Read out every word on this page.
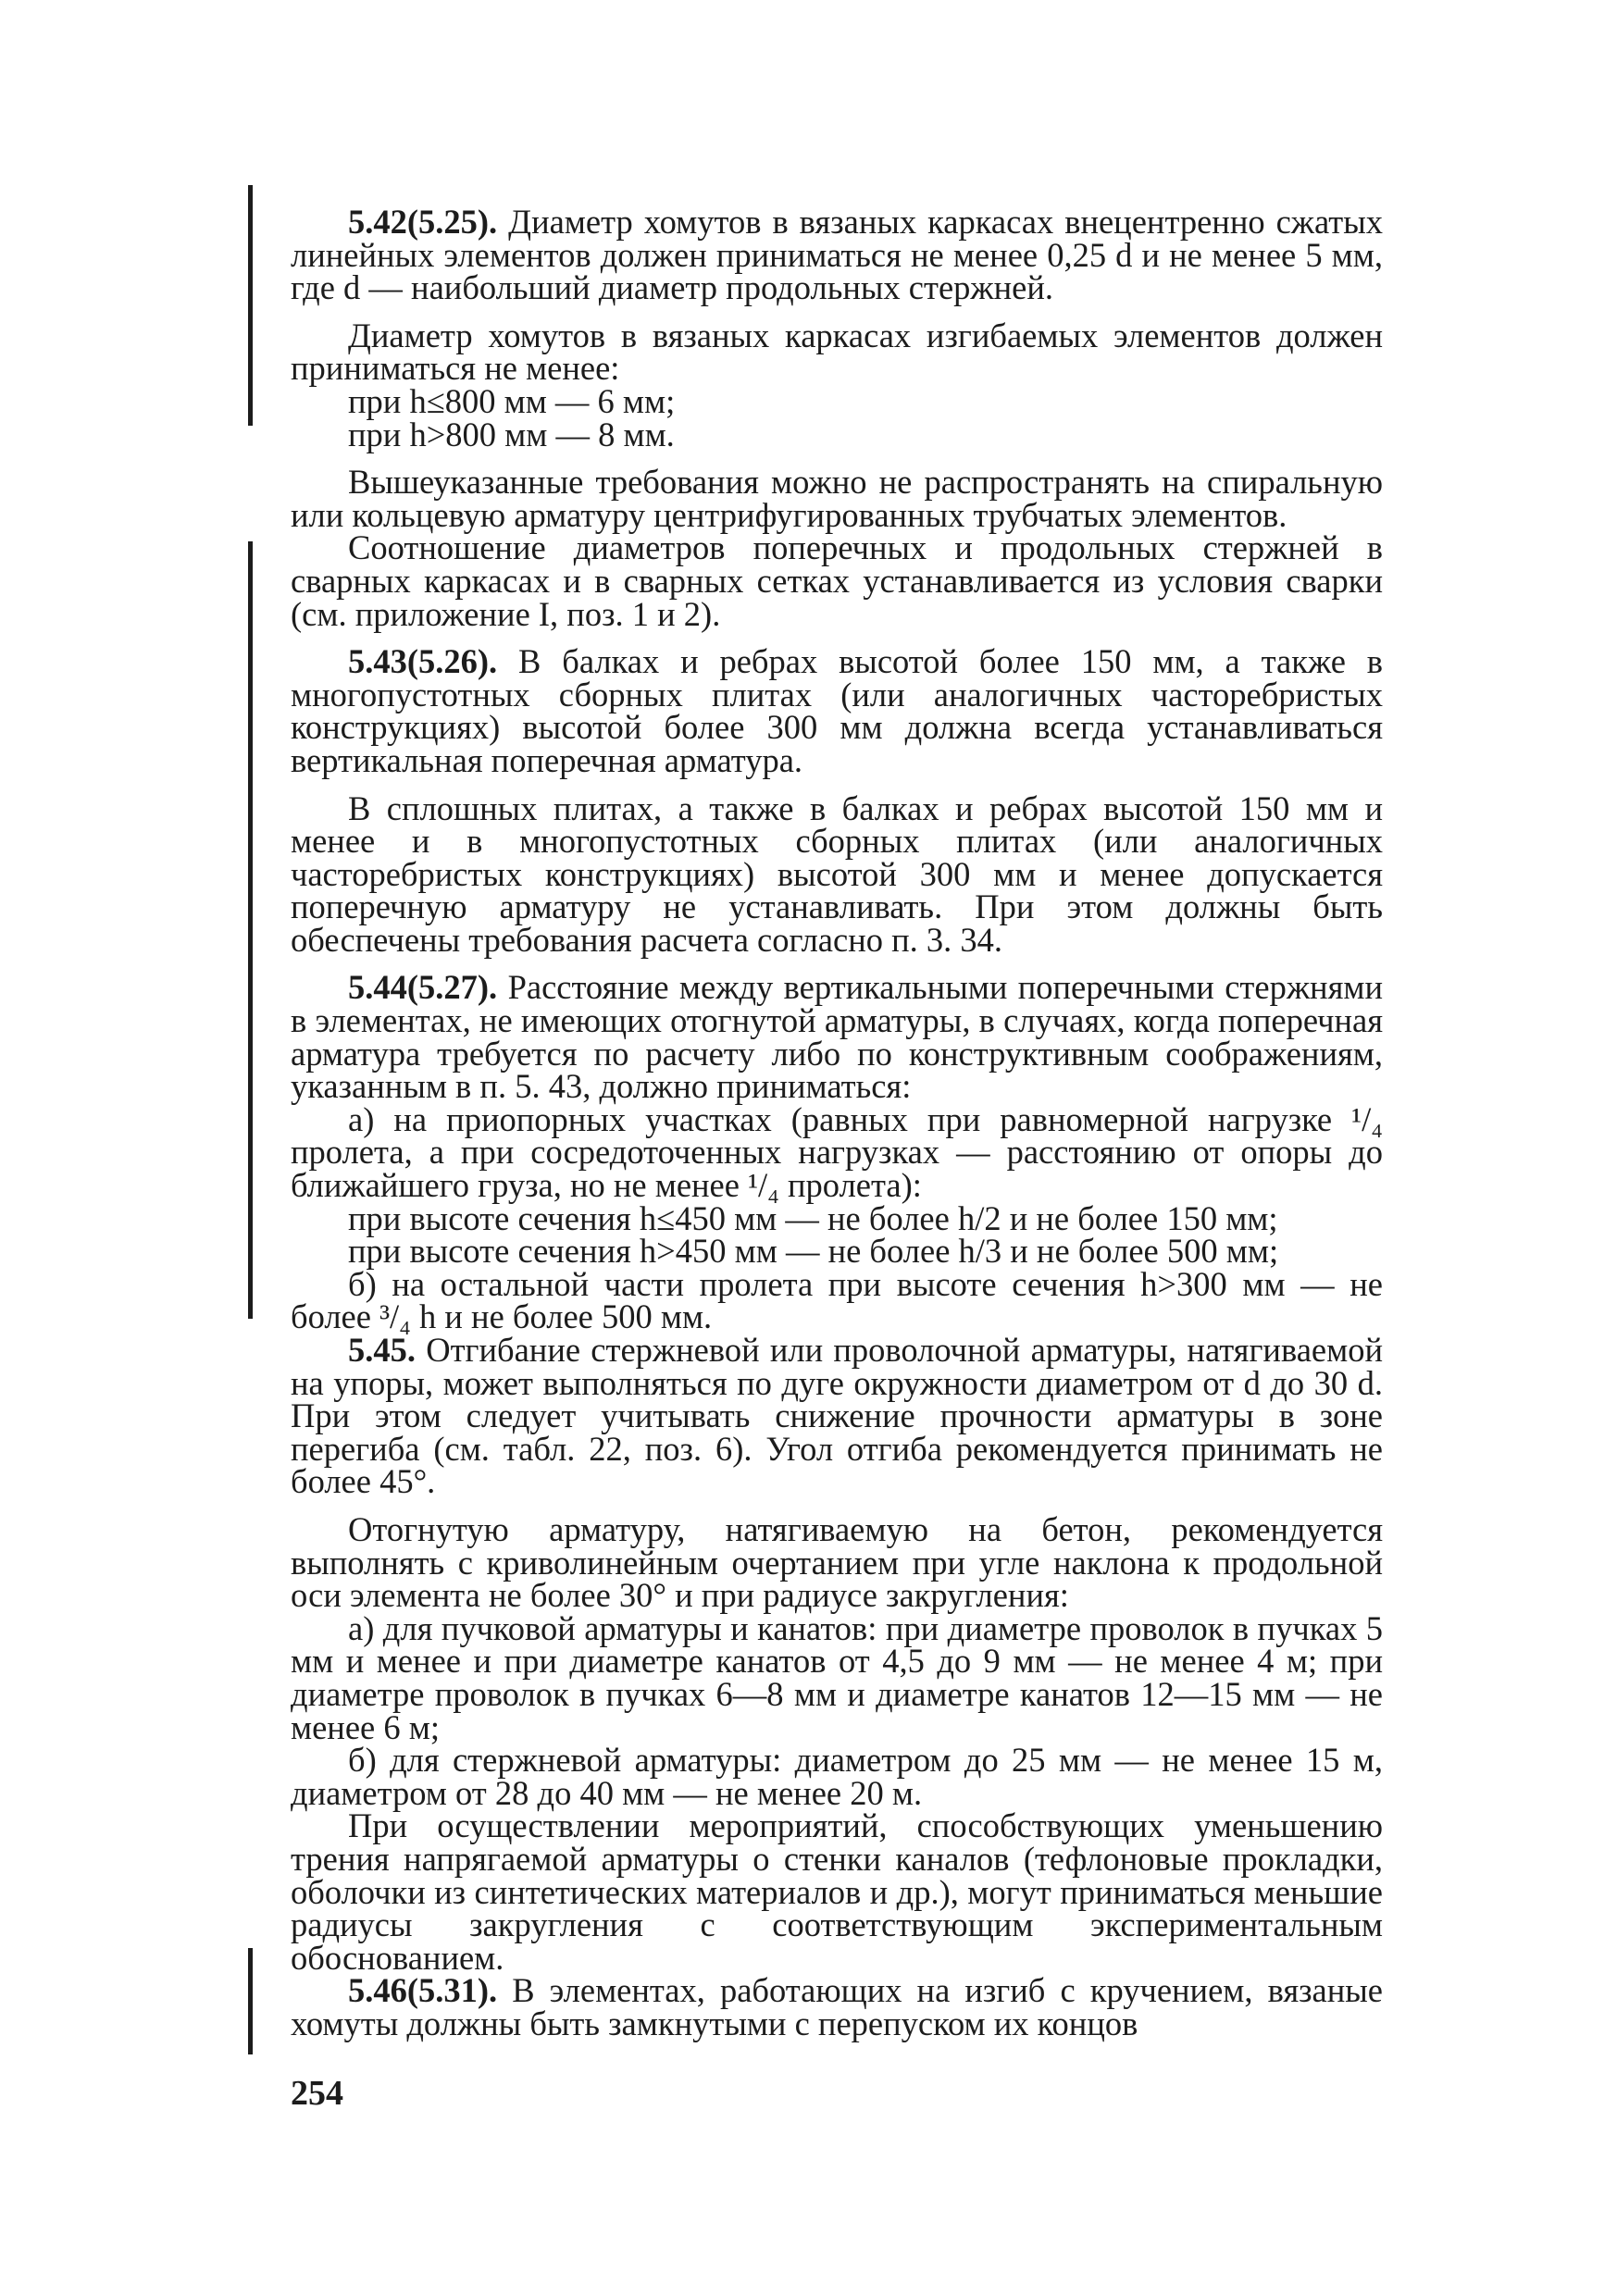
5.42(5.25). Диаметр хомутов в вязаных каркасах внецентренно сжатых линейных элементов должен приниматься не менее 0,25 d и не менее 5 мм, где d — наибольший диаметр продольных стержней.

Диаметр хомутов в вязаных каркасах изгибаемых элементов должен приниматься не менее:

при h≤800 мм — 6 мм;

при h>800 мм — 8 мм.

Вышеуказанные требования можно не распространять на спиральную или кольцевую арматуру центрифугированных трубчатых элементов.

Соотношение диаметров поперечных и продольных стержней в сварных каркасах и в сварных сетках устанавливается из условия сварки (см. приложение I, поз. 1 и 2).

5.43(5.26). В балках и ребрах высотой более 150 мм, а также в многопустотных сборных плитах (или аналогичных часторебристых конструкциях) высотой более 300 мм должна всегда устанавливаться вертикальная поперечная арматура.

В сплошных плитах, а также в балках и ребрах высотой 150 мм и менее и в многопустотных сборных плитах (или аналогичных часторебристых конструкциях) высотой 300 мм и менее допускается поперечную арматуру не устанавливать. При этом должны быть обеспечены требования расчета согласно п. 3. 34.

5.44(5.27). Расстояние между вертикальными поперечными стержнями в элементах, не имеющих отогнутой арматуры, в случаях, когда поперечная арматура требуется по расчету либо по конструктивным соображениям, указанным в п. 5. 43, должно приниматься:

а) на приопорных участках (равных при равномерной нагрузке ¹/₄ пролета, а при сосредоточенных нагрузках — расстоянию от опоры до ближайшего груза, но не менее ¹/₄ пролета):

при высоте сечения h≤450 мм — не более h/2 и не более 150 мм;

при высоте сечения h>450 мм — не более h/3 и не более 500 мм;

б) на остальной части пролета при высоте сечения h>300 мм — не более ³/₄ h и не более 500 мм.

5.45. Отгибание стержневой или проволочной арматуры, натягиваемой на упоры, может выполняться по дуге окружности диаметром от d до 30 d. При этом следует учитывать снижение прочности арматуры в зоне перегиба (см. табл. 22, поз. 6). Угол отгиба рекомендуется принимать не более 45°.

Отогнутую арматуру, натягиваемую на бетон, рекомендуется выполнять с криволинейным очертанием при угле наклона к продольной оси элемента не более 30° и при радиусе закругления:

а) для пучковой арматуры и канатов: при диаметре проволок в пучках 5 мм и менее и при диаметре канатов от 4,5 до 9 мм — не менее 4 м; при диаметре проволок в пучках 6—8 мм и диаметре канатов 12—15 мм — не менее 6 м;

б) для стержневой арматуры: диаметром до 25 мм — не менее 15 м, диаметром от 28 до 40 мм — не менее 20 м.

При осуществлении мероприятий, способствующих уменьшению трения напрягаемой арматуры о стенки каналов (тефлоновые прокладки, оболочки из синтетических материалов и др.), могут приниматься меньшие радиусы закругления с соответствующим экспериментальным обоснованием.

5.46(5.31). В элементах, работающих на изгиб с кручением, вязаные хомуты должны быть замкнутыми с перепуском их концов

254
